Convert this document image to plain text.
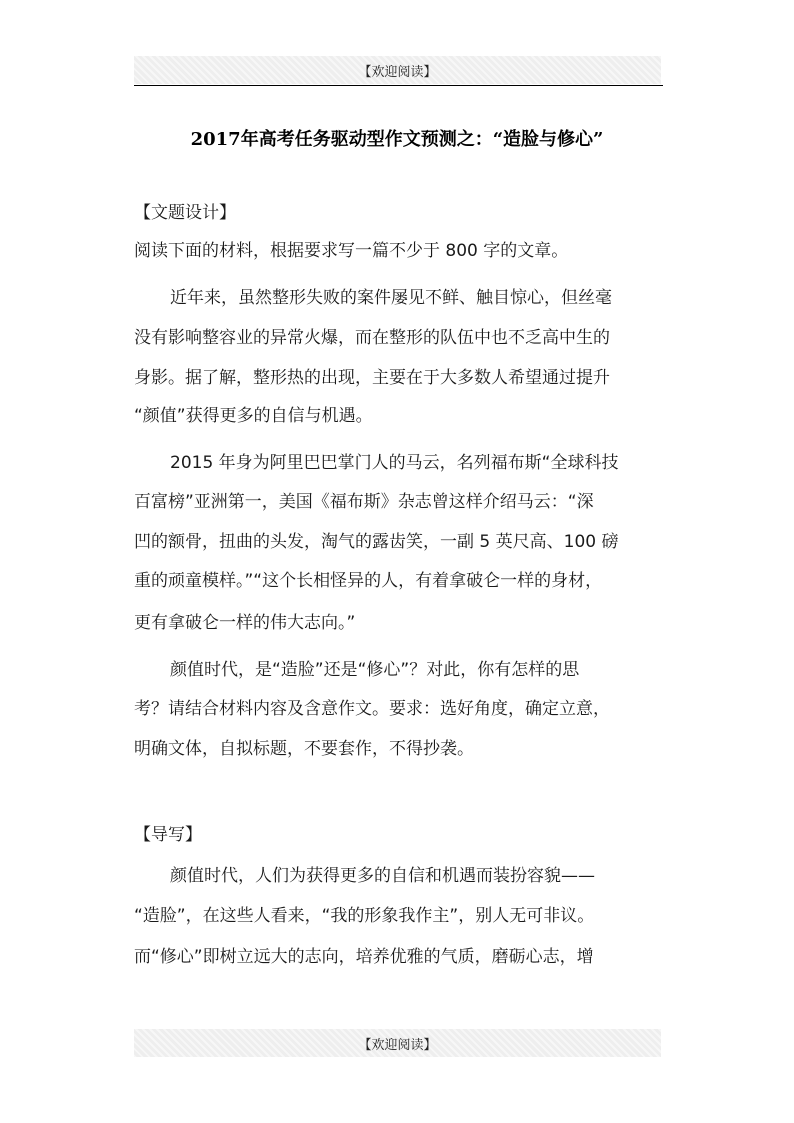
【欢迎阅读】
2017年高考任务驱动型作文预测之：“造脸与修心”
【文题设计】
阅读下面的材料，根据要求写一篇不少于 800 字的文章。
近年来，虽然整形失败的案件屡见不鲜、触目惊心，但丝毫
没有影响整容业的异常火爆，而在整形的队伍中也不乏高中生的
身影。据了解，整形热的出现，主要在于大多数人希望通过提升
“颜值”获得更多的自信与机遇。
2015 年身为阿里巴巴掌门人的马云，名列福布斯“全球科技
百富榜”亚洲第一，美国《福布斯》杂志曾这样介绍马云：“深
凹的额骨，扭曲的头发，淘气的露齿笑，一副 5 英尺高、100 磅
重的顽童模样。”“这个长相怪异的人，有着拿破仑一样的身材，
更有拿破仑一样的伟大志向。”
颜值时代，是“造脸”还是“修心”？对此，你有怎样的思
考？请结合材料内容及含意作文。要求：选好角度，确定立意，
明确文体，自拟标题，不要套作，不得抄袭。
【导写】
颜值时代，人们为获得更多的自信和机遇而装扮容貌——
“造脸”，在这些人看来，“我的形象我作主”，别人无可非议。
而“修心”即树立远大的志向，培养优雅的气质，磨砺心志，增
【欢迎阅读】
